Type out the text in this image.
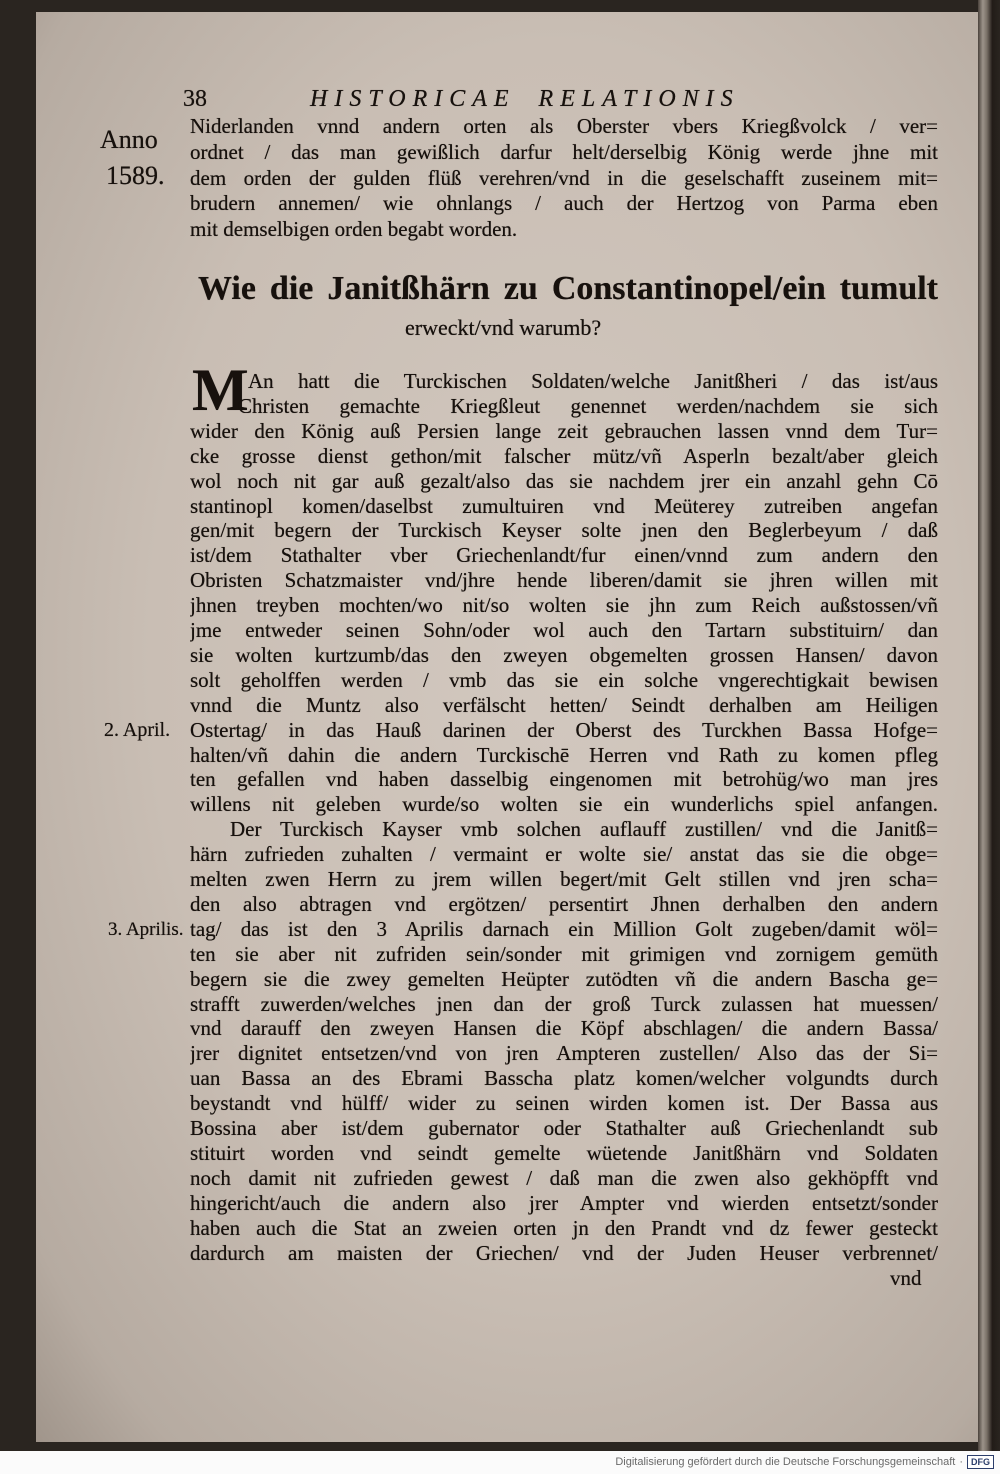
38	HISTORICAE RELATIONIS
Anno
1589.
2. April.
3. Aprilis.
Niderlanden vnnd andern orten als Oberster vbers Kriegßvolck / ver=
ordnet / das man gewißlich darfur helt/derselbig König werde jhne mit
dem orden der gulden flüß verehren/vnd in die geselschafft zuseinem mit=
brudern annemen/ wie ohnlangs / auch der Hertzog von Parma eben
mit demselbigen orden begabt worden.
Wie die Janitßhärn zu Constantinopel/ein tumult
erweckt/vnd warumb?
M An hatt die Turckischen Soldaten/welche Janitßheri / das ist/aus
Christen gemachte Kriegßleut genennet werden/nachdem sie sich
wider den König auß Persien lange zeit gebrauchen lassen vnnd dem Tur=
cke grosse dienst gethon/mit falscher mütz/vñ Asperln bezalt/aber gleich
wol noch nit gar auß gezalt/also das sie nachdem jrer ein anzahl gehn Cō
stantinopl komen/daselbst zumultuiren vnd Meüterey zutreiben angefan
gen/mit begern der Turckisch Keyser solte jnen den Beglerbeyum / daß
ist/dem Stathalter vber Griechenlandt/fur einen/vnnd zum andern den
Obristen Schatzmaister vnd/jhre hende liberen/damit sie jhren willen mit
jhnen treyben mochten/wo nit/so wolten sie jhn zum Reich außstossen/vñ
jme entweder seinen Sohn/oder wol auch den Tartarn substituirn/ dan
sie wolten kurtzumb/das den zweyen obgemelten grossen Hansen/ davon
solt geholffen werden / vmb das sie ein solche vngerechtigkait bewisen
vnnd die Muntz also verfälscht hetten/ Seindt derhalben am Heiligen
Ostertag/ in das Hauß darinen der Oberst des Turckhen Bassa Hofge=
halten/vñ dahin die andern Turckischē Herren vnd Rath zu komen pfleg
ten gefallen vnd haben dasselbig eingenomen mit betrohüg/wo man jres
willens nit geleben wurde/so wolten sie ein wunderlichs spiel anfangen.
Der Turckisch Kayser vmb solchen auflauff zustillen/ vnd die Janitß=
härn zufrieden zuhalten / vermaint er wolte sie/ anstat das sie die obge=
melten zwen Herrn zu jrem willen begert/mit Gelt stillen vnd jren scha=
den also abtragen vnd ergötzen/ persentirt Jhnen derhalben den andern
tag/ das ist den 3 Aprilis darnach ein Million Golt zugeben/damit wöl=
ten sie aber nit zufriden sein/sonder mit grimigen vnd zornigem gemüth
begern sie die zwey gemelten Heüpter zutödten vñ die andern Bascha ge=
strafft zuwerden/welches jnen dan der groß Turck zulassen hat muessen/
vnd darauff den zweyen Hansen die Köpf abschlagen/ die andern Bassa/
jrer dignitet entsetzen/vnd von jren Ampteren zustellen/ Also das der Si=
uan Bassa an des Ebrami Basscha platz komen/welcher volgundts durch
beystandt vnd hülff/ wider zu seinen wirden komen ist. Der Bassa aus
Bossina aber ist/dem gubernator oder Stathalter auß Griechenlandt sub
stituirt worden vnd seindt gemelte wüetende Janitßhärn vnd Soldaten
noch damit nit zufrieden gewest / daß man die zwen also gekhöpfft vnd
hingericht/auch die andern also jrer Ampter vnd wierden entsetzt/sonder
haben auch die Stat an zweien orten jn den Prandt vnd dz fewer gesteckt
dardurch am maisten der Griechen/ vnd der Juden Heuser verbrennet/
vnd
Digitalisierung gefördert durch die Deutsche Forschungsgemeinschaft · DFG
